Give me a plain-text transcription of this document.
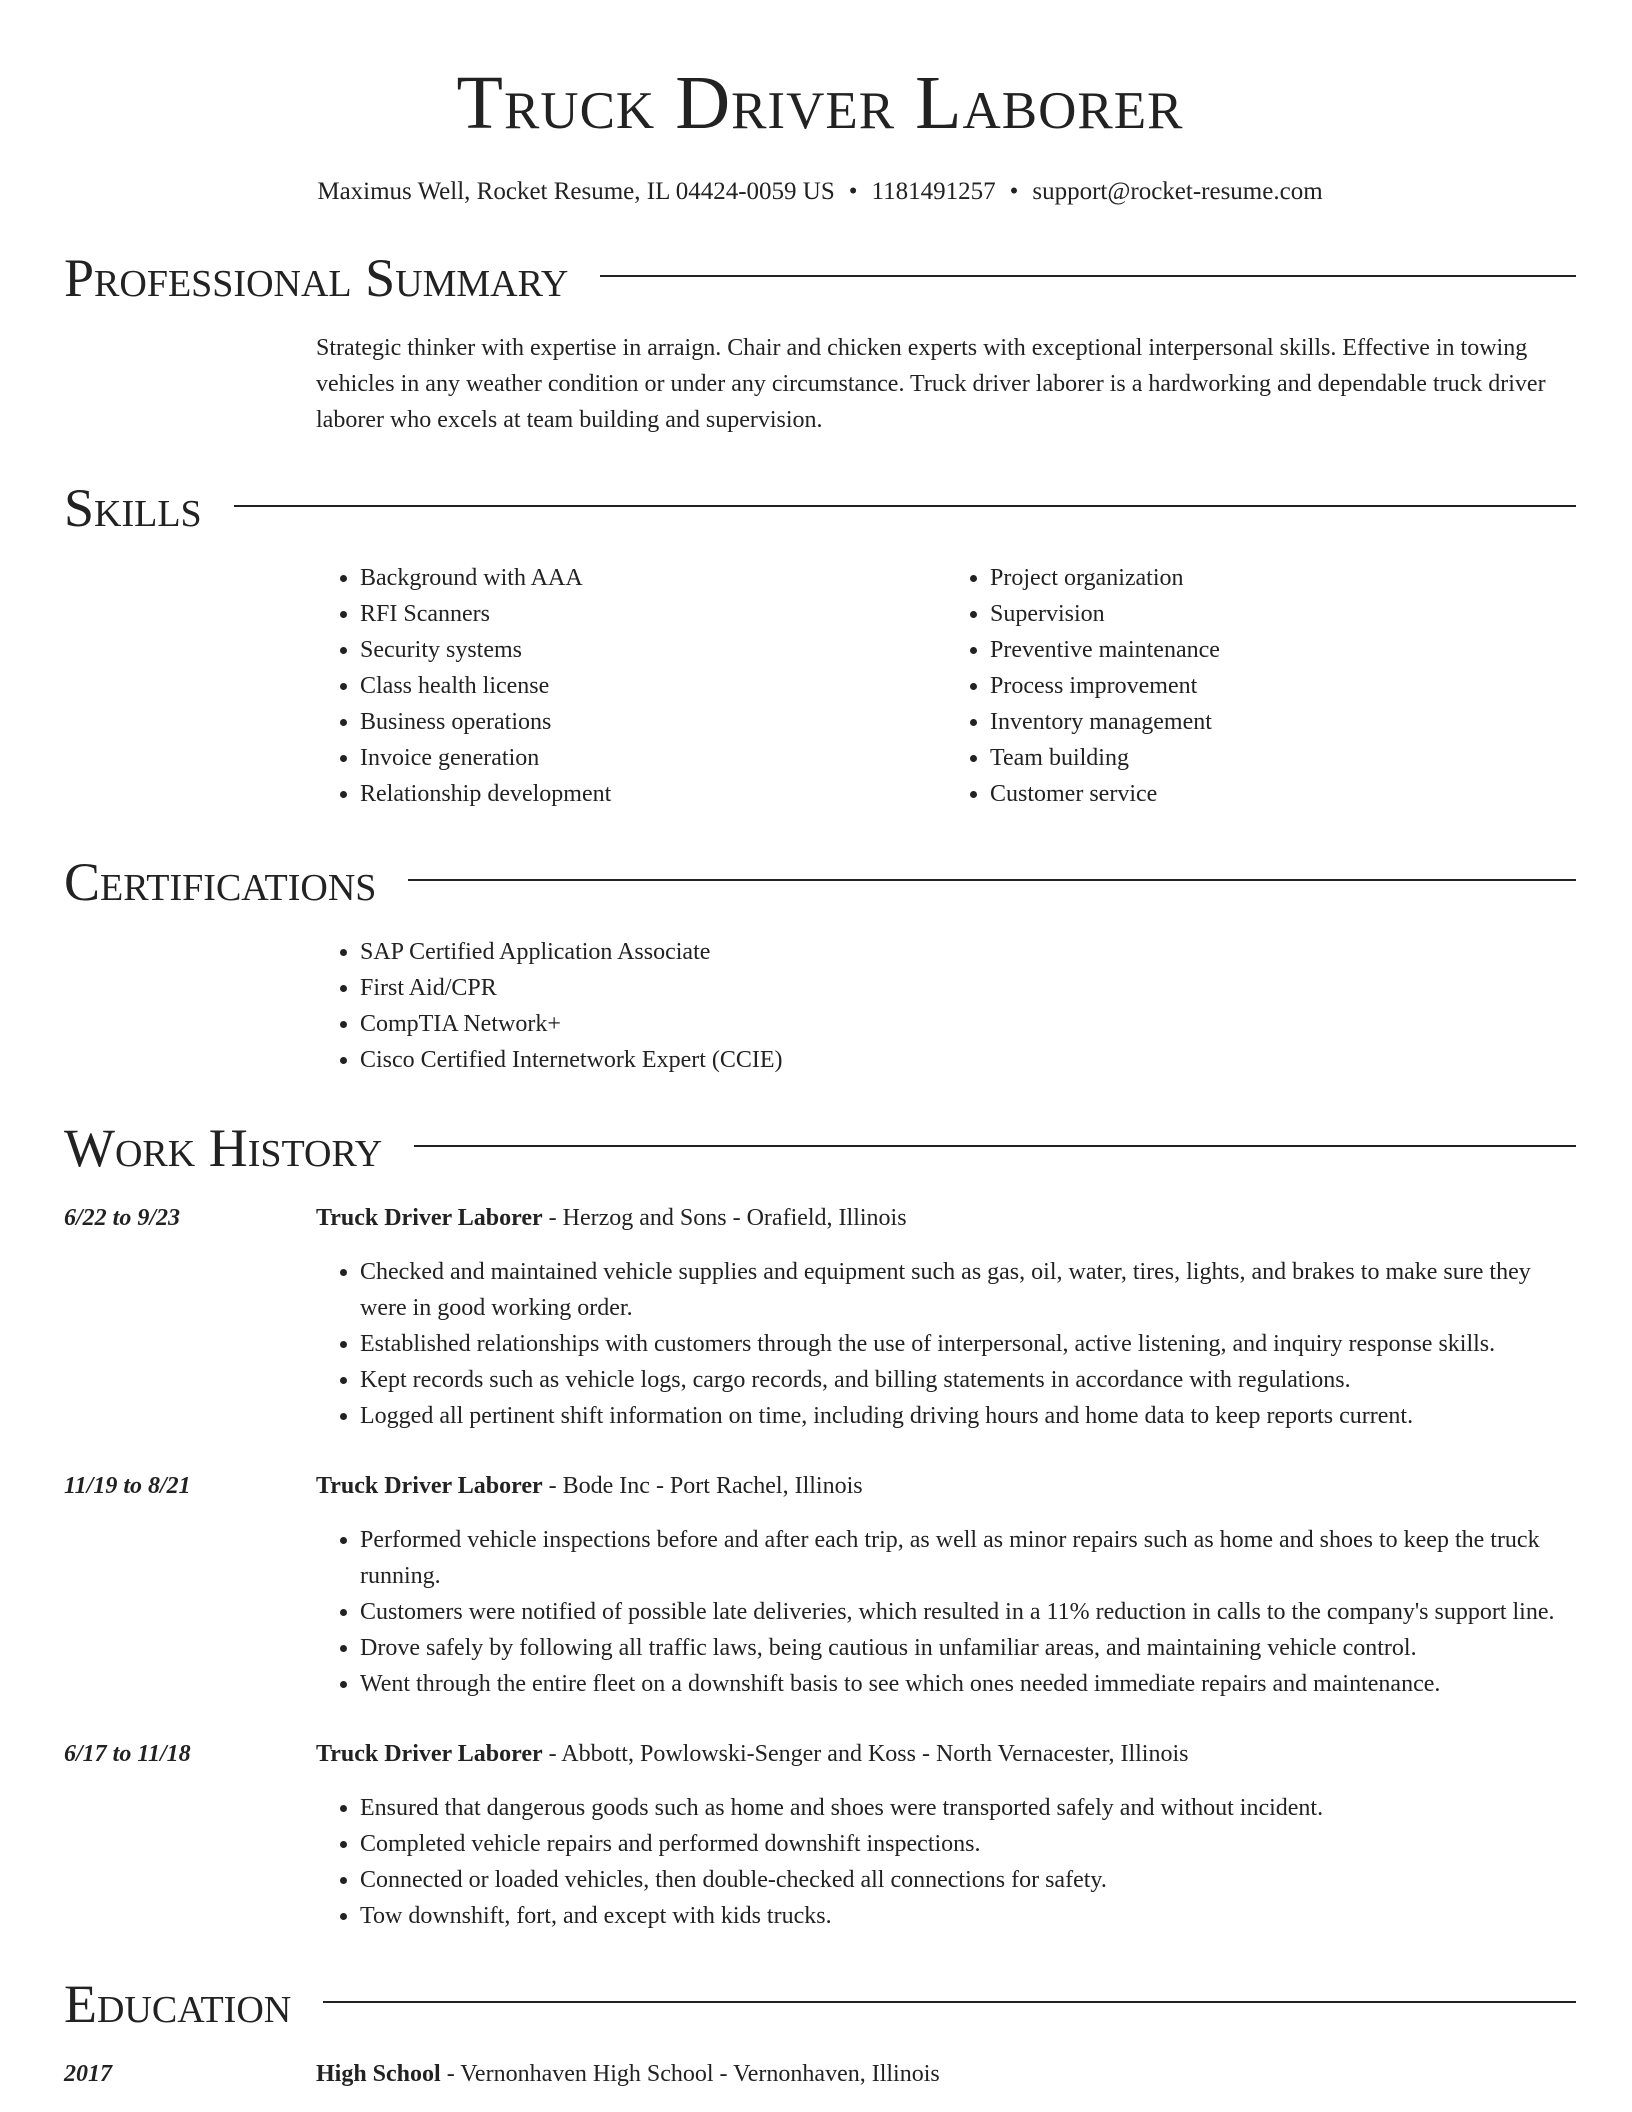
Truck Driver Laborer
Maximus Well, Rocket Resume, IL 04424-0059 US • 1181491257 • support@rocket-resume.com
Professional Summary
Strategic thinker with expertise in arraign. Chair and chicken experts with exceptional interpersonal skills. Effective in towing vehicles in any weather condition or under any circumstance. Truck driver laborer is a hardworking and dependable truck driver laborer who excels at team building and supervision.
Skills
• Background with AAA
• RFI Scanners
• Security systems
• Class health license
• Business operations
• Invoice generation
• Relationship development
• Project organization
• Supervision
• Preventive maintenance
• Process improvement
• Inventory management
• Team building
• Customer service
Certifications
• SAP Certified Application Associate
• First Aid/CPR
• CompTIA Network+
• Cisco Certified Internetwork Expert (CCIE)
Work History
6/22 to 9/23	Truck Driver Laborer - Herzog and Sons - Orafield, Illinois
• Checked and maintained vehicle supplies and equipment such as gas, oil, water, tires, lights, and brakes to make sure they were in good working order.
• Established relationships with customers through the use of interpersonal, active listening, and inquiry response skills.
• Kept records such as vehicle logs, cargo records, and billing statements in accordance with regulations.
• Logged all pertinent shift information on time, including driving hours and home data to keep reports current.
11/19 to 8/21	Truck Driver Laborer - Bode Inc - Port Rachel, Illinois
• Performed vehicle inspections before and after each trip, as well as minor repairs such as home and shoes to keep the truck running.
• Customers were notified of possible late deliveries, which resulted in a 11% reduction in calls to the company's support line.
• Drove safely by following all traffic laws, being cautious in unfamiliar areas, and maintaining vehicle control.
• Went through the entire fleet on a downshift basis to see which ones needed immediate repairs and maintenance.
6/17 to 11/18	Truck Driver Laborer - Abbott, Powlowski-Senger and Koss - North Vernacester, Illinois
• Ensured that dangerous goods such as home and shoes were transported safely and without incident.
• Completed vehicle repairs and performed downshift inspections.
• Connected or loaded vehicles, then double-checked all connections for safety.
• Tow downshift, fort, and except with kids trucks.
Education
2017	High School - Vernonhaven High School - Vernonhaven, Illinois
